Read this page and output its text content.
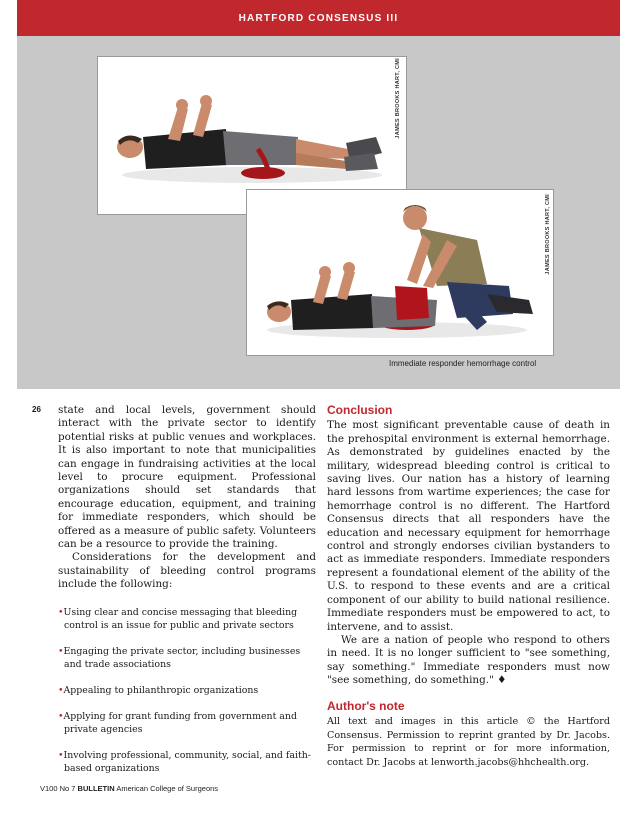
HARTFORD CONSENSUS III
JAMES BROOKS HART, CMI
JAMES BROOKS HART, CMI
Immediate responder hemorrhage control
26 state and local levels, government should interact with the private sector to identify potential risks at public venues and workplaces. It is also important to note that municipalities can engage in fundraising activities at the local level to procure equipment. Professional organizations should set standards that encourage education, equipment, and training for immediate responders, which should be offered as a measure of public safety. Volunteers can be a resource to provide the training.

Considerations for the development and sustainability of bleeding control programs include the following:

•Using clear and concise messaging that bleeding control is an issue for public and private sectors
•Engaging the private sector, including businesses and trade associations
•Appealing to philanthropic organizations
•Applying for grant funding from government and private agencies
•Involving professional, community, social, and faith-based organizations
Conclusion

The most significant preventable cause of death in the prehospital environment is external hemorrhage. As demonstrated by guidelines enacted by the military, widespread bleeding control is critical to saving lives. Our nation has a history of learning hard lessons from wartime experiences; the case for hemorrhage control is no different. The Hartford Consensus directs that all responders have the education and necessary equipment for hemorrhage control and strongly endorses civilian bystanders to act as immediate responders. Immediate responders represent a foundational element of the ability of the U.S. to respond to these events and are a critical component of our ability to build national resilience. Immediate responders must be empowered to act, to intervene, and to assist.

We are a nation of people who respond to others in need. It is no longer sufficient to "see something, say something." Immediate responders must now "see something, do something." ♦

Author's note

All text and images in this article © the Hartford Consensus. Permission to reprint granted by Dr. Jacobs. For permission to reprint or for more information, contact Dr. Jacobs at lenworth.jacobs@hhchealth.org.

V100 No 7 BULLETIN American College of Surgeons
